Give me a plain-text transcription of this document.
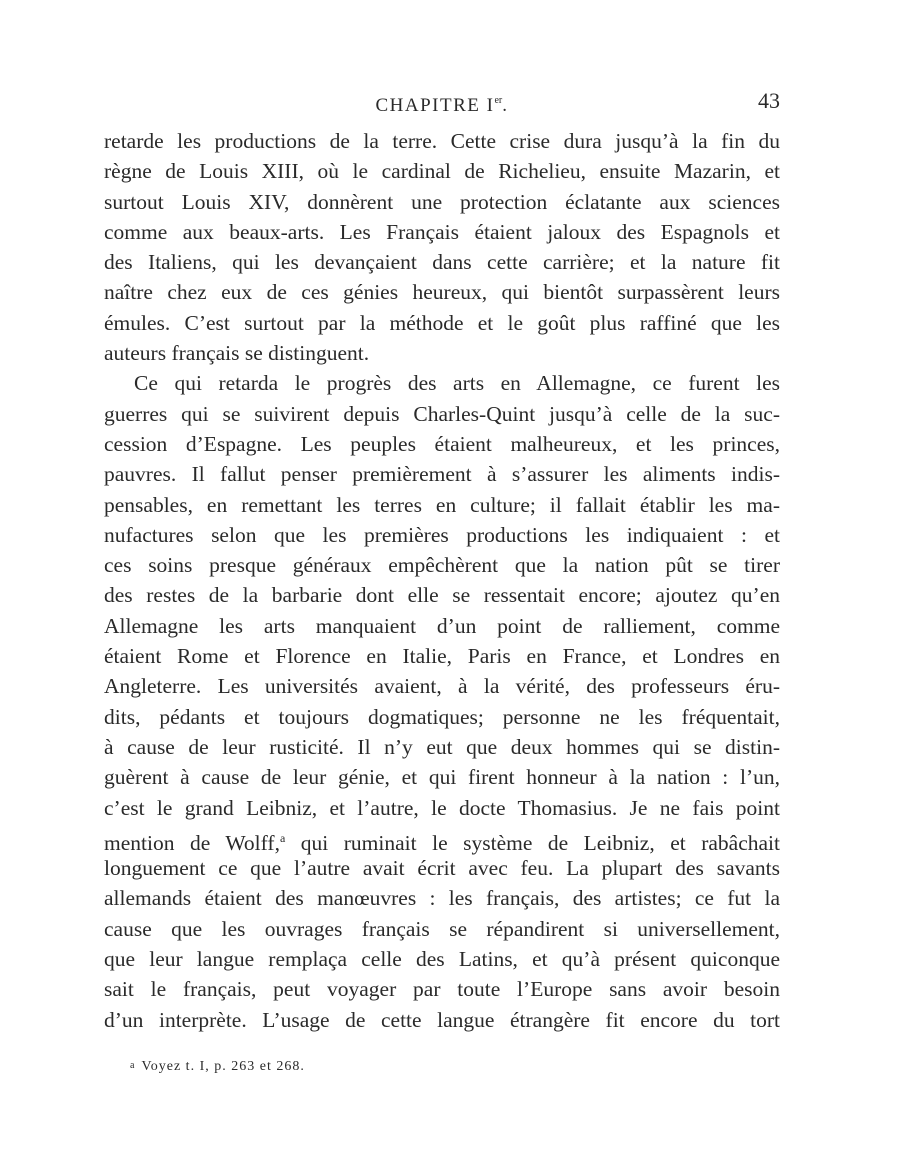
CHAPITRE Ier.	43
retarde les productions de la terre. Cette crise dura jusqu’à la fin du
règne de Louis XIII, où le cardinal de Richelieu, ensuite Mazarin, et
surtout Louis XIV, donnèrent une protection éclatante aux sciences
comme aux beaux-arts. Les Français étaient jaloux des Espagnols et
des Italiens, qui les devançaient dans cette carrière; et la nature fit
naître chez eux de ces génies heureux, qui bientôt surpassèrent leurs
émules. C’est surtout par la méthode et le goût plus raffiné que les
auteurs français se distinguent.
Ce qui retarda le progrès des arts en Allemagne, ce furent les
guerres qui se suivirent depuis Charles-Quint jusqu’à celle de la suc-
cession d’Espagne. Les peuples étaient malheureux, et les princes,
pauvres. Il fallut penser premièrement à s’assurer les aliments indis-
pensables, en remettant les terres en culture; il fallait établir les ma-
nufactures selon que les premières productions les indiquaient : et
ces soins presque généraux empêchèrent que la nation pût se tirer
des restes de la barbarie dont elle se ressentait encore; ajoutez qu’en
Allemagne les arts manquaient d’un point de ralliement, comme
étaient Rome et Florence en Italie, Paris en France, et Londres en
Angleterre. Les universités avaient, à la vérité, des professeurs éru-
dits, pédants et toujours dogmatiques; personne ne les fréquentait,
à cause de leur rusticité. Il n’y eut que deux hommes qui se distin-
guèrent à cause de leur génie, et qui firent honneur à la nation : l’un,
c’est le grand Leibniz, et l’autre, le docte Thomasius. Je ne fais point
mention de Wolff,$^a$ qui ruminait le système de Leibniz, et rabâchait
longuement ce que l’autre avait écrit avec feu. La plupart des savants
allemands étaient des manœuvres : les français, des artistes; ce fut la
cause que les ouvrages français se répandirent si universellement,
que leur langue remplaça celle des Latins, et qu’à présent quiconque
sait le français, peut voyager par toute l’Europe sans avoir besoin
d’un interprète. L’usage de cette langue étrangère fit encore du tort
a Voyez t. I, p. 263 et 268.
